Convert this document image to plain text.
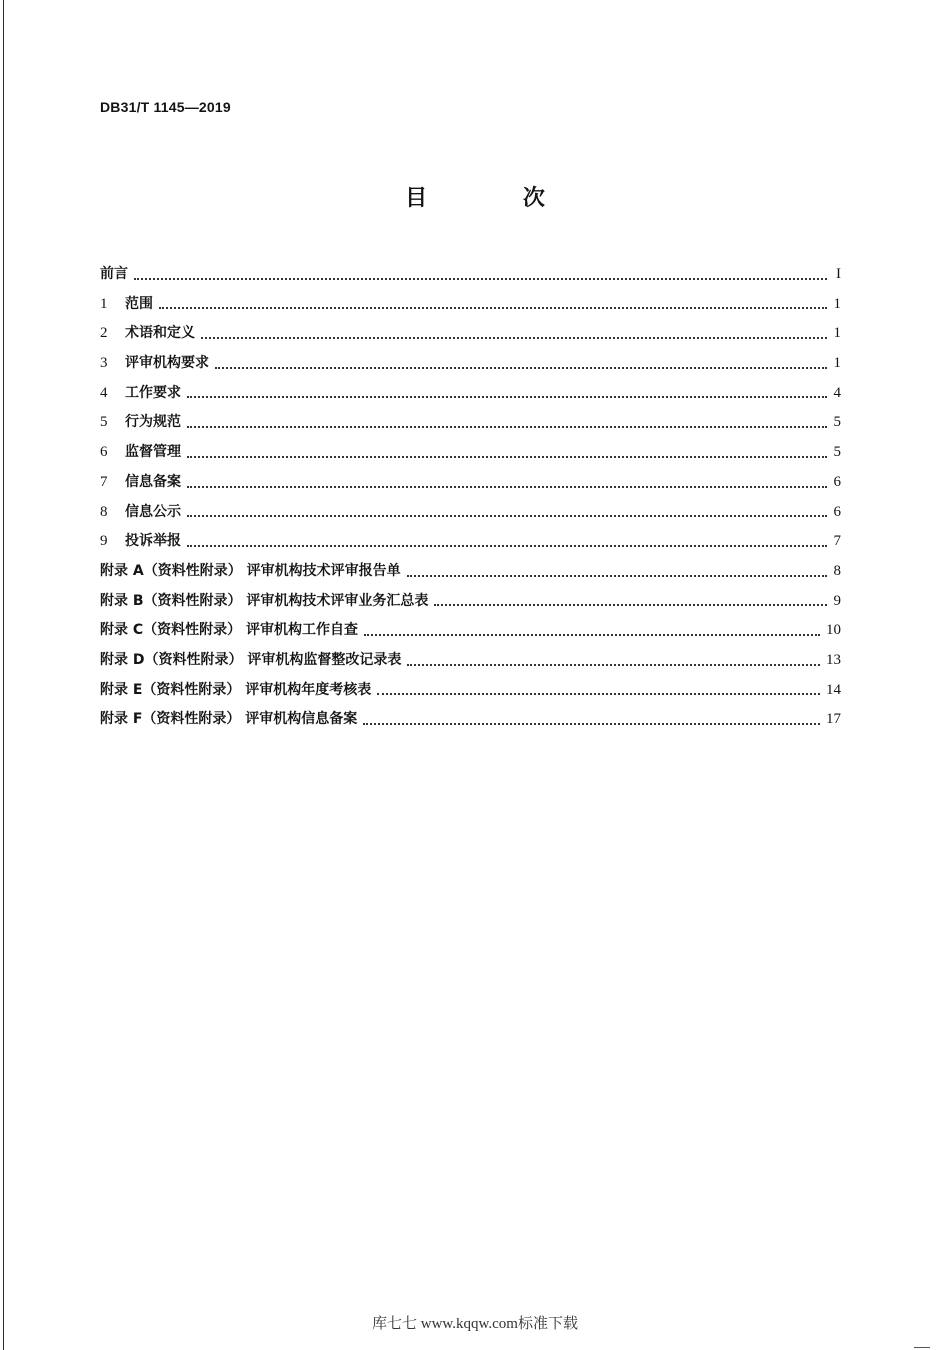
DB31/T 1145—2019
目 次
前言	I
1	范围	1
2	术语和定义	1
3	评审机构要求	1
4	工作要求	4
5	行为规范	5
6	监督管理	5
7	信息备案	6
8	信息公示	6
9	投诉举报	7
附录 A（资料性附录） 评审机构技术评审报告单	8
附录 B（资料性附录） 评审机构技术评审业务汇总表	9
附录 C（资料性附录） 评审机构工作自查	10
附录 D（资料性附录） 评审机构监督整改记录表	13
附录 E（资料性附录） 评审机构年度考核表	14
附录 F（资料性附录） 评审机构信息备案	17
库七七 www.kqqw.com标准下载
